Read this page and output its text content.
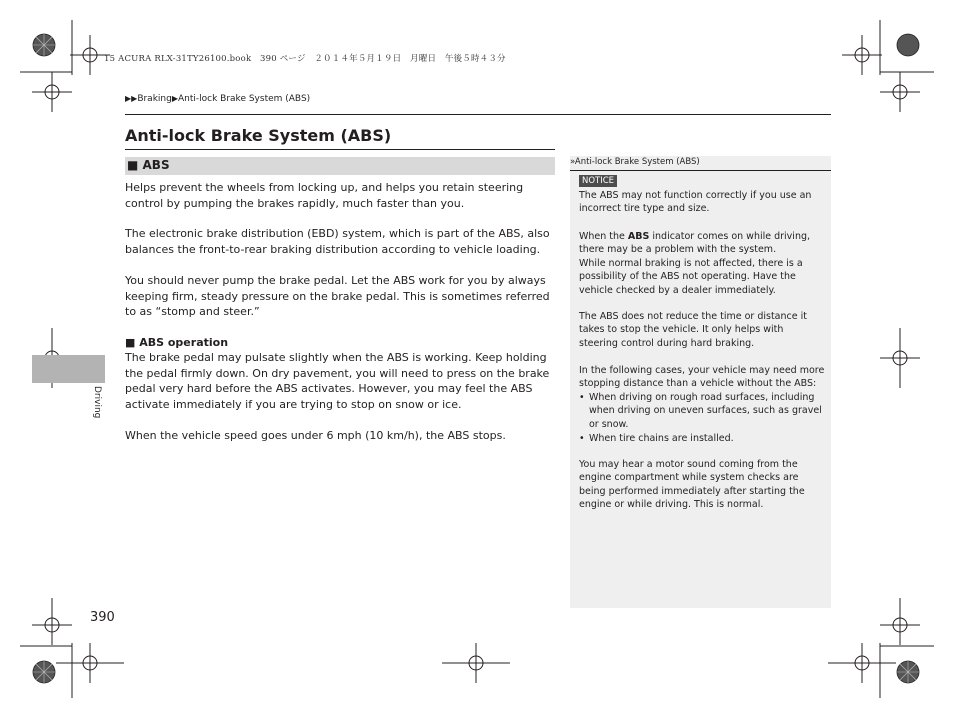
15 ACURA RLX-31TY26100.book　390 ページ　２０１４年５月１９日　月曜日　午後５時４３分
▶▶Braking▶Anti-lock Brake System (ABS)
Anti-lock Brake System (ABS)
■ ABS
Helps prevent the wheels from locking up, and helps you retain steering control by pumping the brakes rapidly, much faster than you.
The electronic brake distribution (EBD) system, which is part of the ABS, also balances the front-to-rear braking distribution according to vehicle loading.
You should never pump the brake pedal. Let the ABS work for you by always keeping firm, steady pressure on the brake pedal. This is sometimes referred to as “stomp and steer.”
■ ABS operation
The brake pedal may pulsate slightly when the ABS is working. Keep holding the pedal firmly down. On dry pavement, you will need to press on the brake pedal very hard before the ABS activates. However, you may feel the ABS activate immediately if you are trying to stop on snow or ice.
When the vehicle speed goes under 6 mph (10 km/h), the ABS stops.
Driving
390
»Anti-lock Brake System (ABS)
NOTICE
The ABS may not function correctly if you use an incorrect tire type and size.
When the ABS indicator comes on while driving, there may be a problem with the system.
While normal braking is not affected, there is a possibility of the ABS not operating. Have the vehicle checked by a dealer immediately.
The ABS does not reduce the time or distance it takes to stop the vehicle. It only helps with steering control during hard braking.
In the following cases, your vehicle may need more stopping distance than a vehicle without the ABS:
• When driving on rough road surfaces, including when driving on uneven surfaces, such as gravel or snow.
• When tire chains are installed.
You may hear a motor sound coming from the engine compartment while system checks are being performed immediately after starting the engine or while driving. This is normal.
